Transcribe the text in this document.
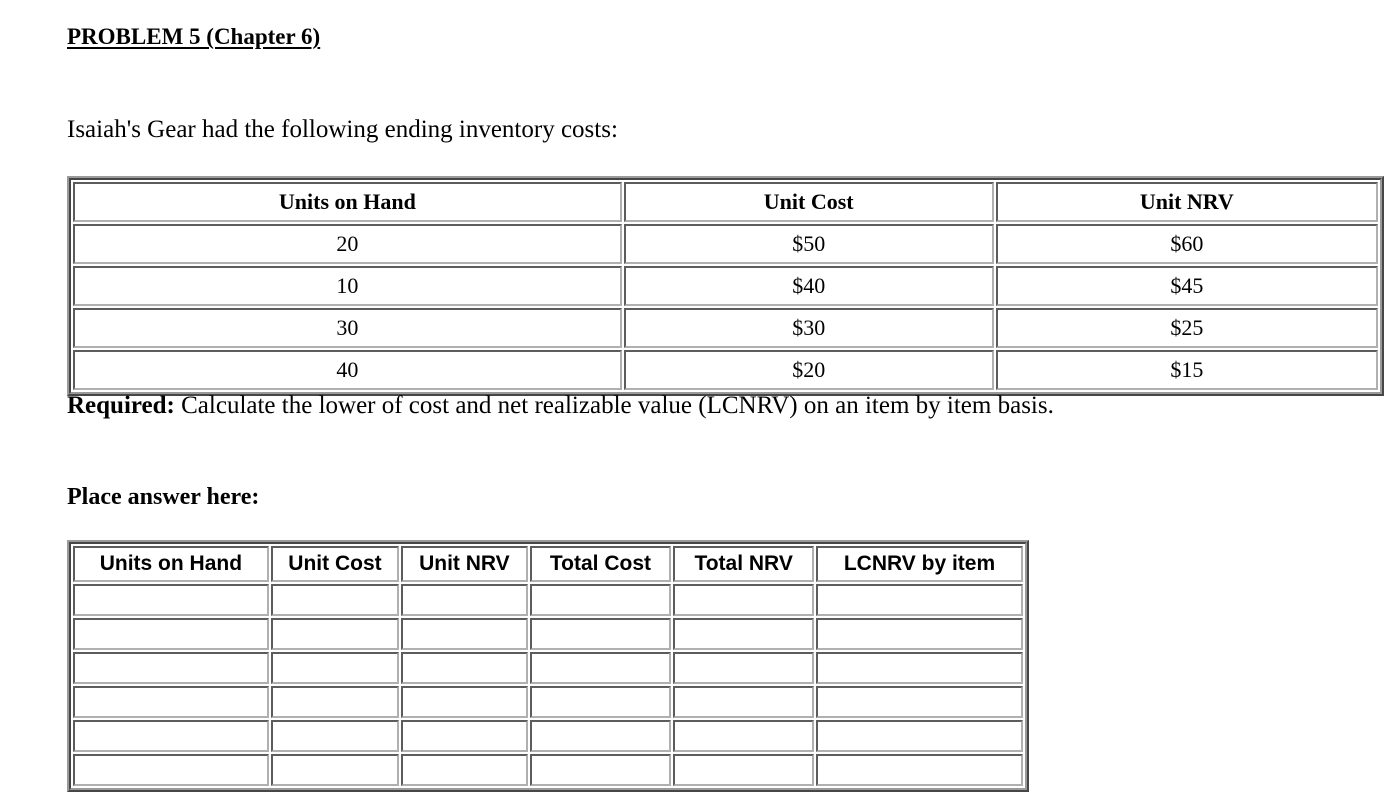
PROBLEM 5 (Chapter 6)

Isaiah's Gear had the following ending inventory costs:

Units on Hand	Unit Cost	Unit NRV
20	$50	$60
10	$40	$45
30	$30	$25
40	$20	$15

Required: Calculate the lower of cost and net realizable value (LCNRV) on an item by item basis.

Place answer here:

Units on Hand	Unit Cost	Unit NRV	Total Cost	Total NRV	LCNRV by item
